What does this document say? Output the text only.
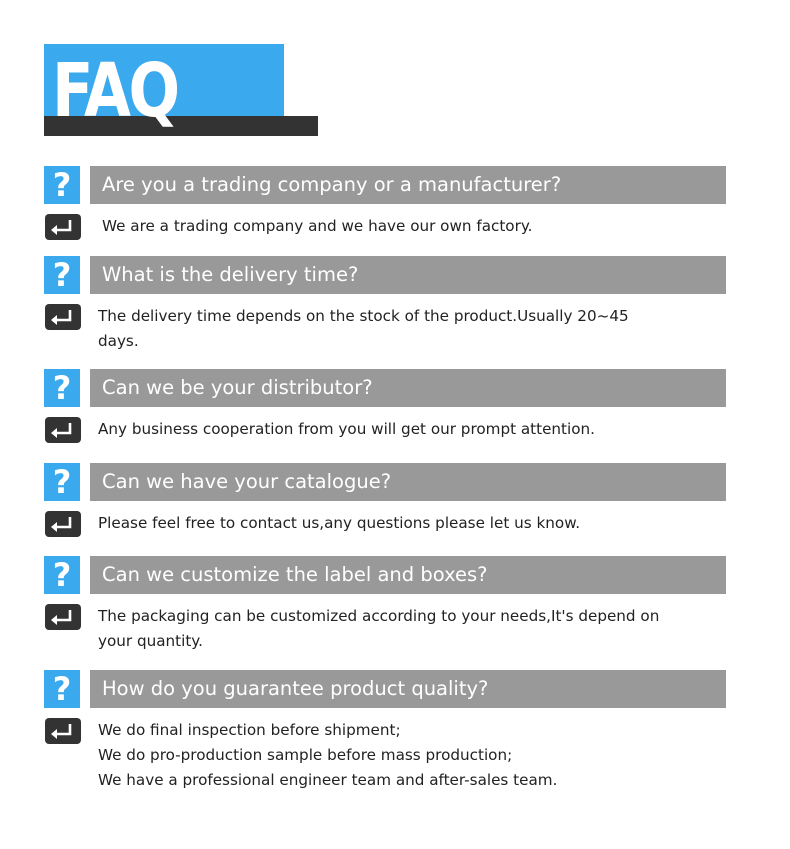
FAQ
?	Are you a trading company or a manufacturer?
We are a trading company and we have our own factory.
?	What is the delivery time?
The delivery time depends on the stock of the product.Usually 20~45
days.
?	Can we be your distributor?
Any business cooperation from you will get our prompt attention.
?	Can we have your catalogue?
Please feel free to contact us,any questions please let us know.
?	Can we customize the label and boxes?
The packaging can be customized according to your needs,It's depend on
your quantity.
?	How do you guarantee product quality?
We do final inspection before shipment;
We do pro-production sample before mass production;
We have a professional engineer team and after-sales team.
